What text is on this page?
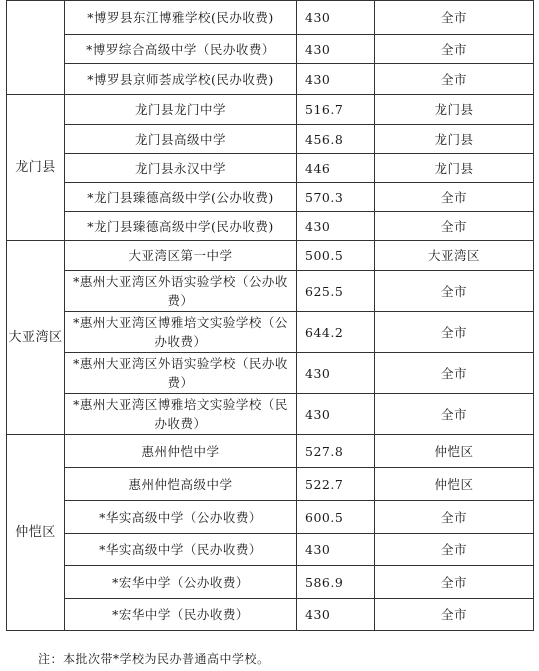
	*博罗县东江博雅学校(民办收费)	430	全市
	*博罗综合高级中学（民办收费）	430	全市
	*博罗县京师荟成学校(民办收费)	430	全市
龙门县	龙门县龙门中学	516.7	龙门县
	龙门县高级中学	456.8	龙门县
	龙门县永汉中学	446	龙门县
	*龙门县臻德高级中学(公办收费)	570.3	全市
	*龙门县臻德高级中学(民办收费)	430	全市
大亚湾区	大亚湾区第一中学	500.5	大亚湾区
	*惠州大亚湾区外语实验学校（公办收费）	625.5	全市
	*惠州大亚湾区博雅培文实验学校（公办收费）	644.2	全市
	*惠州大亚湾区外语实验学校（民办收费）	430	全市
	*惠州大亚湾区博雅培文实验学校（民办收费）	430	全市
仲恺区	惠州仲恺中学	527.8	仲恺区
	惠州仲恺高级中学	522.7	仲恺区
	*华实高级中学（公办收费）	600.5	全市
	*华实高级中学（民办收费）	430	全市
	*宏华中学（公办收费）	586.9	全市
	*宏华中学（民办收费）	430	全市
注：本批次带*学校为民办普通高中学校。
